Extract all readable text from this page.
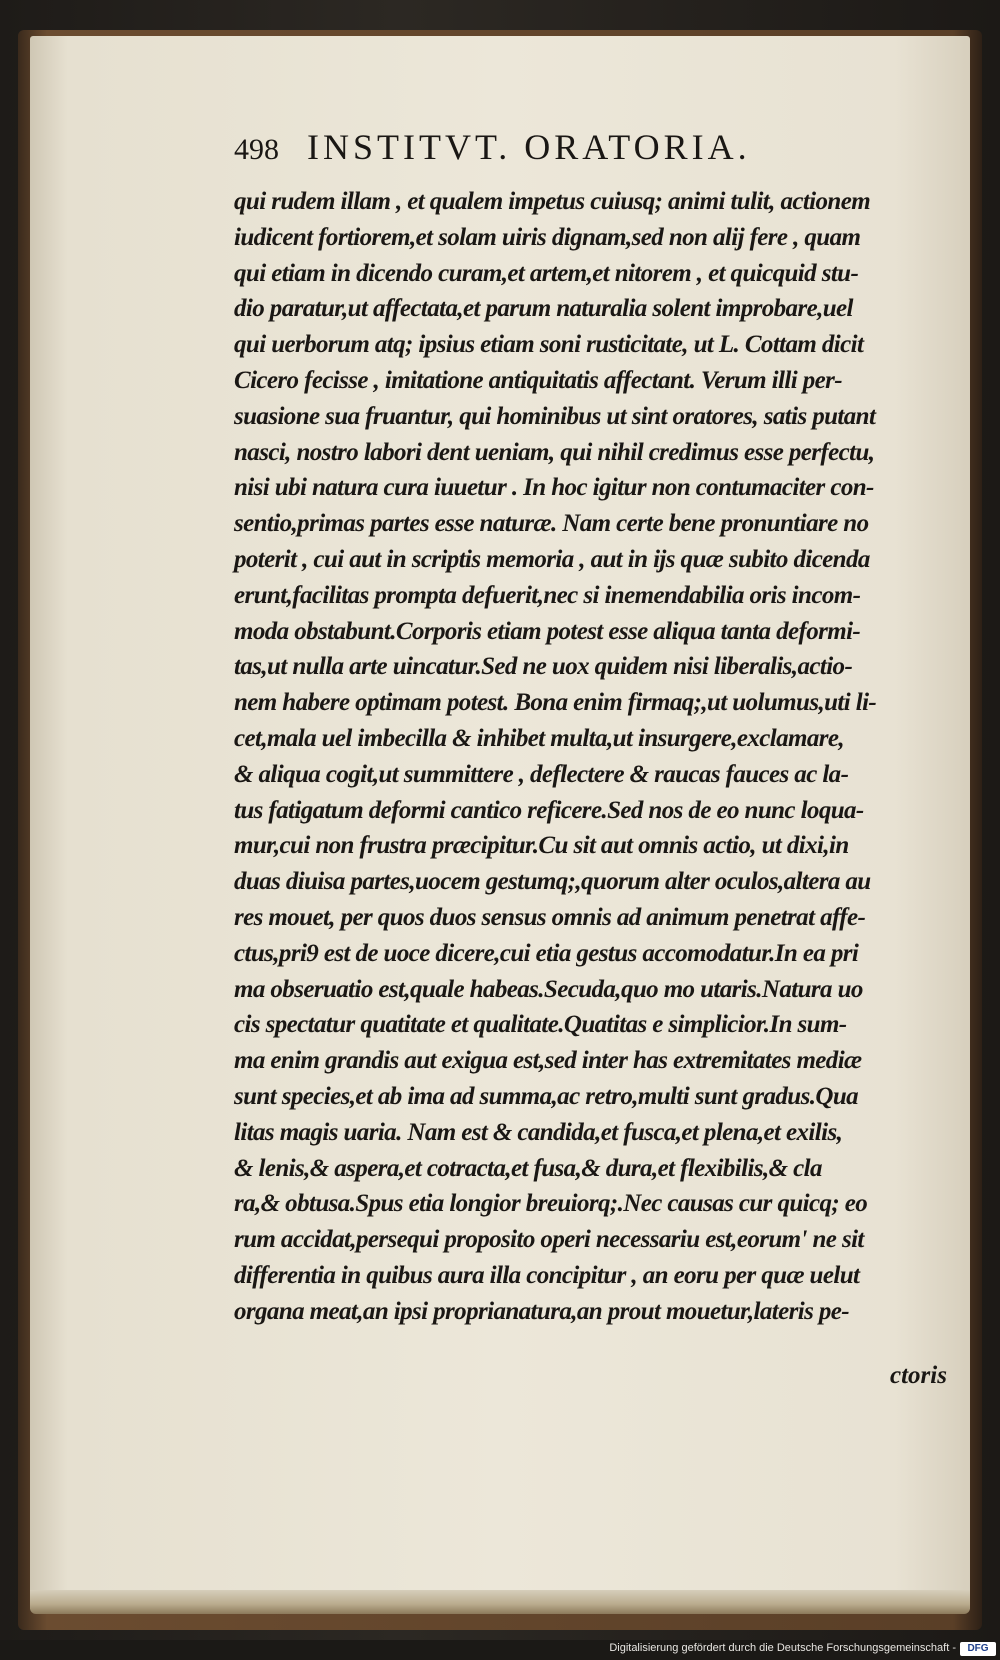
498 INSTITVT. ORATORIA.
qui rudem illam , et qualem impetus cuiusq; animi tulit, actionem
iudicent fortiorem,et solam uiris dignam,sed non alij fere , quam
qui etiam in dicendo curam,et artem,et nitorem , et quicquid stu-
dio paratur,ut affectata,et parum naturalia solent improbare,uel
qui uerborum atq; ipsius etiam soni rusticitate, ut L. Cottam dicit
Cicero fecisse , imitatione antiquitatis affectant. Verum illi per-
suasione sua fruantur, qui hominibus ut sint oratores, satis putant
nasci, nostro labori dent ueniam, qui nihil credimus esse perfectu,
nisi ubi natura cura iuuetur . In hoc igitur non contumaciter con-
sentio,primas partes esse naturæ. Nam certe bene pronuntiare no
poterit , cui aut in scriptis memoria , aut in ijs quæ subito dicenda
erunt,facilitas prompta defuerit,nec si inemendabilia oris incom-
moda obstabunt.Corporis etiam potest esse aliqua tanta deformi-
tas,ut nulla arte uincatur.Sed ne uox quidem nisi liberalis,actio-
nem habere optimam potest. Bona enim firmaq;,ut uolumus,uti li-
cet,mala uel imbecilla & inhibet multa,ut insurgere,exclamare,
& aliqua cogit,ut summittere , deflectere & raucas fauces ac la-
tus fatigatum deformi cantico reficere.Sed nos de eo nunc loqua-
mur,cui non frustra præcipitur.Cu sit aut omnis actio, ut dixi,in
duas diuisa partes,uocem gestumq;,quorum alter oculos,altera au
res mouet, per quos duos sensus omnis ad animum penetrat affe-
ctus,pri9 est de uoce dicere,cui etia gestus accomodatur.In ea pri
ma obseruatio est,quale habeas.Secuda,quo mo utaris.Natura uo
cis spectatur quatitate et qualitate.Quatitas e simplicior.In sum-
ma enim grandis aut exigua est,sed inter has extremitates mediæ
sunt species,et ab ima ad summa,ac retro,multi sunt gradus.Qua
litas magis uaria. Nam est & candida,et fusca,et plena,et exilis,
& lenis,& aspera,et cotracta,et fusa,& dura,et flexibilis,& cla
ra,& obtusa.Spus etia longior breuiorq;.Nec causas cur quicq; eo
rum accidat,persequi proposito operi necessariu est,eorum' ne sit
differentia in quibus aura illa concipitur , an eoru per quæ uelut
organa meat,an ipsi proprianatura,an prout mouetur,lateris pe-
ctoris
Digitalisierung gefördert durch die Deutsche Forschungsgemeinschaft -	DFG
